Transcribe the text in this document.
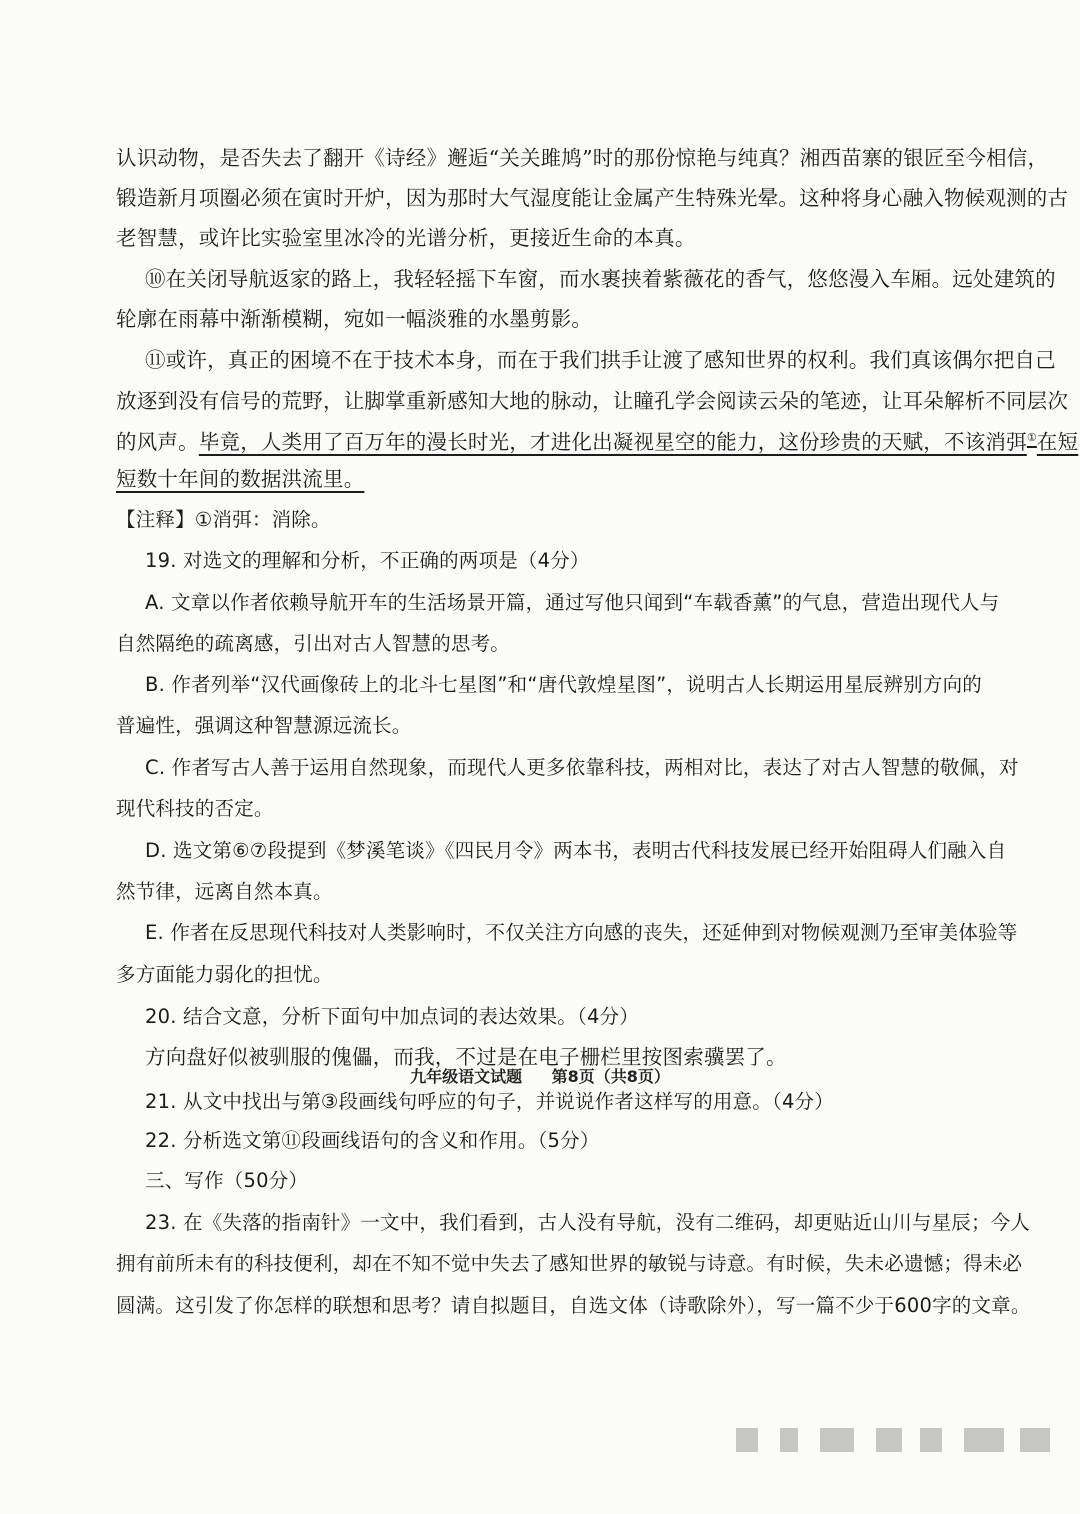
认识动物，是否失去了翻开《诗经》邂逅“关关雎鸠”时的那份惊艳与纯真？湘西苗寨的银匠至今相信，
锻造新月项圈必须在寅时开炉，因为那时大气湿度能让金属产生特殊光晕。这种将身心融入物候观测的古
老智慧，或许比实验室里冰冷的光谱分析，更接近生命的本真。
⑩在关闭导航返家的路上，我轻轻摇下车窗，而水裹挟着紫薇花的香气，悠悠漫入车厢。远处建筑的
轮廓在雨幕中渐渐模糊，宛如一幅淡雅的水墨剪影。
⑪或许，真正的困境不在于技术本身，而在于我们拱手让渡了感知世界的权利。我们真该偶尔把自己
放逐到没有信号的荒野，让脚掌重新感知大地的脉动，让瞳孔学会阅读云朵的笔迹，让耳朵解析不同层次
的风声。毕竟，人类用了百万年的漫长时光，才进化出凝视星空的能力，这份珍贵的天赋，不该消弭①在短
短数十年间的数据洪流里。
【注释】①消弭：消除。
19. 对选文的理解和分析，不正确的两项是（4分）
A. 文章以作者依赖导航开车的生活场景开篇，通过写他只闻到“车载香薰”的气息，营造出现代人与
自然隔绝的疏离感，引出对古人智慧的思考。
B. 作者列举“汉代画像砖上的北斗七星图”和“唐代敦煌星图”，说明古人长期运用星辰辨别方向的
普遍性，强调这种智慧源远流长。
C. 作者写古人善于运用自然现象，而现代人更多依靠科技，两相对比，表达了对古人智慧的敬佩，对
现代科技的否定。
D. 选文第⑥⑦段提到《梦溪笔谈》《四民月令》两本书，表明古代科技发展已经开始阻碍人们融入自
然节律，远离自然本真。
E. 作者在反思现代科技对人类影响时，不仅关注方向感的丧失，还延伸到对物候观测乃至审美体验等
多方面能力弱化的担忧。
20. 结合文意，分析下面句中加点词的表达效果。（4分）
方向盘好似被驯服的傀儡，而我，不过是在电子栅栏里按图索骥罢了。
21. 从文中找出与第③段画线句呼应的句子，并说说作者这样写的用意。（4分）
22. 分析选文第⑪段画线语句的含义和作用。（5分）
三、写作（50分）
23. 在《失落的指南针》一文中，我们看到，古人没有导航，没有二维码，却更贴近山川与星辰；今人
拥有前所未有的科技便利，却在不知不觉中失去了感知世界的敏锐与诗意。有时候，失未必遗憾；得未必
圆满。这引发了你怎样的联想和思考？请自拟题目，自选文体（诗歌除外），写一篇不少于600字的文章。
九年级语文试题 第8页（共8页）
